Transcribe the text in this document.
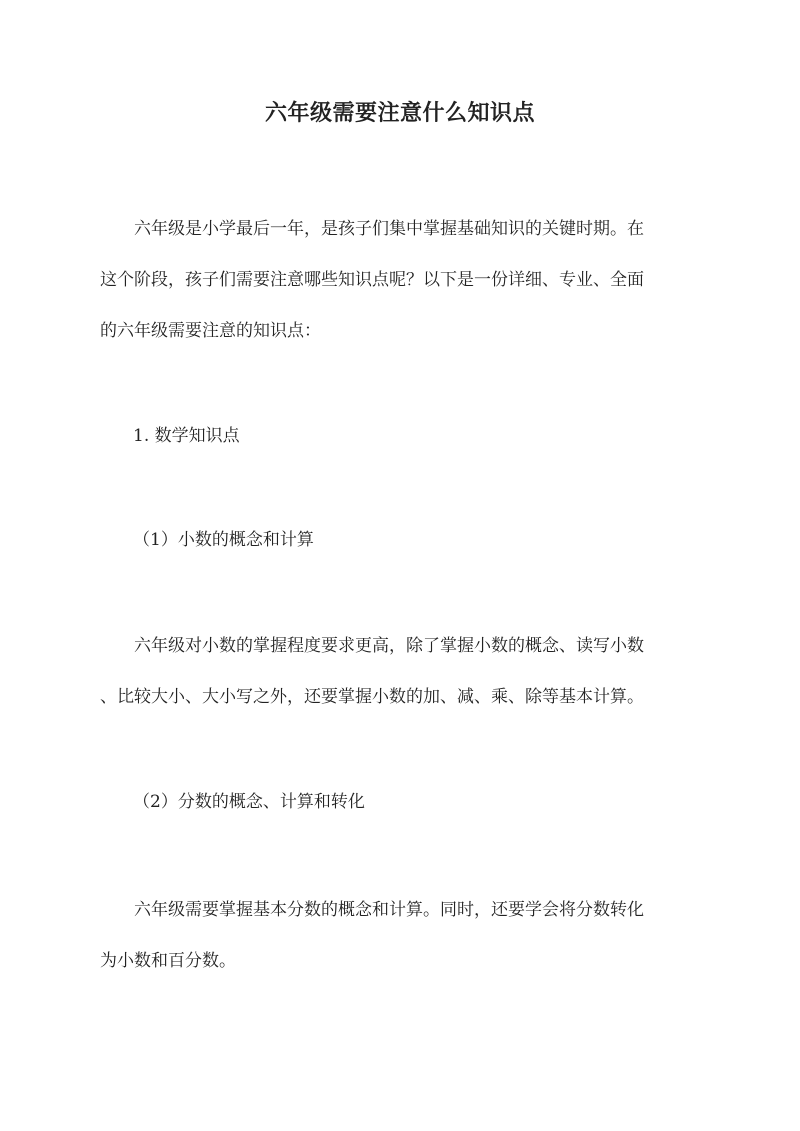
六年级需要注意什么知识点
六年级是小学最后一年，是孩子们集中掌握基础知识的关键时期。在
这个阶段，孩子们需要注意哪些知识点呢？以下是一份详细、专业、全面
的六年级需要注意的知识点：
1. 数学知识点
（1）小数的概念和计算
六年级对小数的掌握程度要求更高，除了掌握小数的概念、读写小数
、比较大小、大小写之外，还要掌握小数的加、减、乘、除等基本计算。
（2）分数的概念、计算和转化
六年级需要掌握基本分数的概念和计算。同时，还要学会将分数转化
为小数和百分数。
